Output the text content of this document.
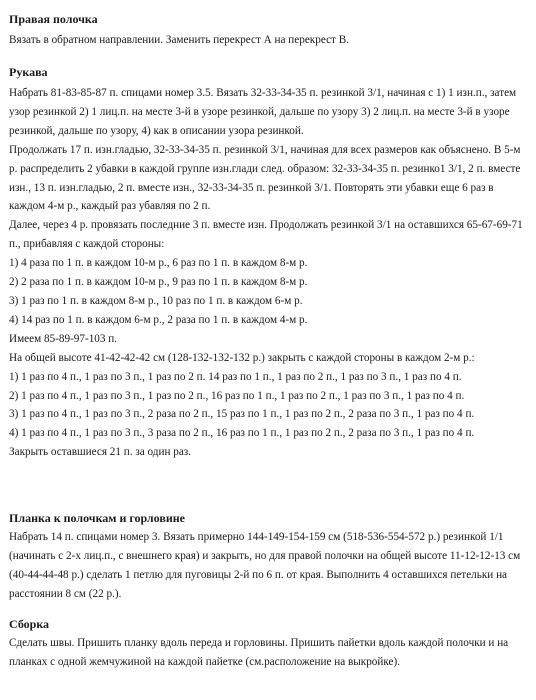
Правая полочка

Вязать в обратном направлении. Заменить перекрест А на перекрест В.

Рукава

Набрать 81-83-85-87 п. спицами номер 3.5. Вязать 32-33-34-35 п. резинкой 3/1, начиная с 1) 1 изн.п., затем узор резинкой 2) 1 лиц.п. на месте 3-й в узоре резинкой, дальше по узору 3) 2 лиц.п. на месте 3-й в узоре резинкой, дальше по узору, 4) как в описании узора резинкой.

Продолжать 17 п. изн.гладью, 32-33-34-35 п. резинкой 3/1, начиная для всех размеров как объяснено. В 5-м р. распределить 2 убавки в каждой группе изн.глади след. образом: 32-33-34-35 п. резинко1 3/1, 2 п. вместе изн., 13 п. изн.гладью, 2 п. вместе изн., 32-33-34-35 п. резинкой 3/1. Повторять эти убавки еще 6 раз в каждом 4-м р., каждый раз убавляя по 2 п.

Далее, через 4 р. провязать последние 3 п. вместе изн. Продолжать резинкой 3/1 на оставшихся 65-67-69-71 п., прибавляя с каждой стороны:

1) 4 раза по 1 п. в каждом 10-м р., 6 раз по 1 п. в каждом 8-м р.

2) 2 раза по 1 п. в каждом 10-м р., 9 раз по 1 п. в каждом 8-м р.

3) 1 раз по 1 п. в каждом 8-м р., 10 раз по 1 п. в каждом 6-м р.

4) 14 раз по 1 п. в каждом 6-м р., 2 раза по 1 п. в каждом 4-м р.

Имеем 85-89-97-103 п.

На общей высоте 41-42-42-42 см (128-132-132-132 р.) закрыть с каждой стороны в каждом 2-м р.:

1) 1 раз по 4 п., 1 раз по 3 п., 1 раз по 2 п. 14 раз по 1 п., 1 раз по 2 п., 1 раз по 3 п., 1 раз по 4 п.

2) 1 раз по 4 п., 1 раз по 3 п., 1 раз по 2 п., 16 раз по 1 п., 1 раз по 2 п., 1 раз по 3 п., 1 раз по 4 п.

3) 1 раз по 4 п., 1 раз по 3 п., 2 раза по 2 п., 15 раз по 1 п., 1 раз по 2 п., 2 раза по 3 п., 1 раз по 4 п.

4) 1 раз по 4 п., 1 раз по 3 п., 3 раза по 2 п., 16 раз по 1 п., 1 раз по 2 п., 2 раза по 3 п., 1 раз по 4 п.

Закрыть оставшиеся 21 п. за один раз.

Планка к полочкам и горловине

Набрать 14 п. спицами номер 3. Вязать примерно 144-149-154-159 см (518-536-554-572 р.) резинкой 1/1 (начинать с 2-х лиц.п., с внешнего края) и закрыть, но для правой полочки на общей высоте 11-12-12-13 см (40-44-44-48 р.) сделать 1 петлю для пуговицы 2-й по 6 п. от края. Выполнить 4 оставшихся петельки на расстоянии 8 см (22 р.).

Сборка

Сделать швы. Пришить планку вдоль переда и горловины. Пришить пайетки вдоль каждой полочки и на планках с одной жемчужиной на каждой пайетке (см.расположение на выкройке).
